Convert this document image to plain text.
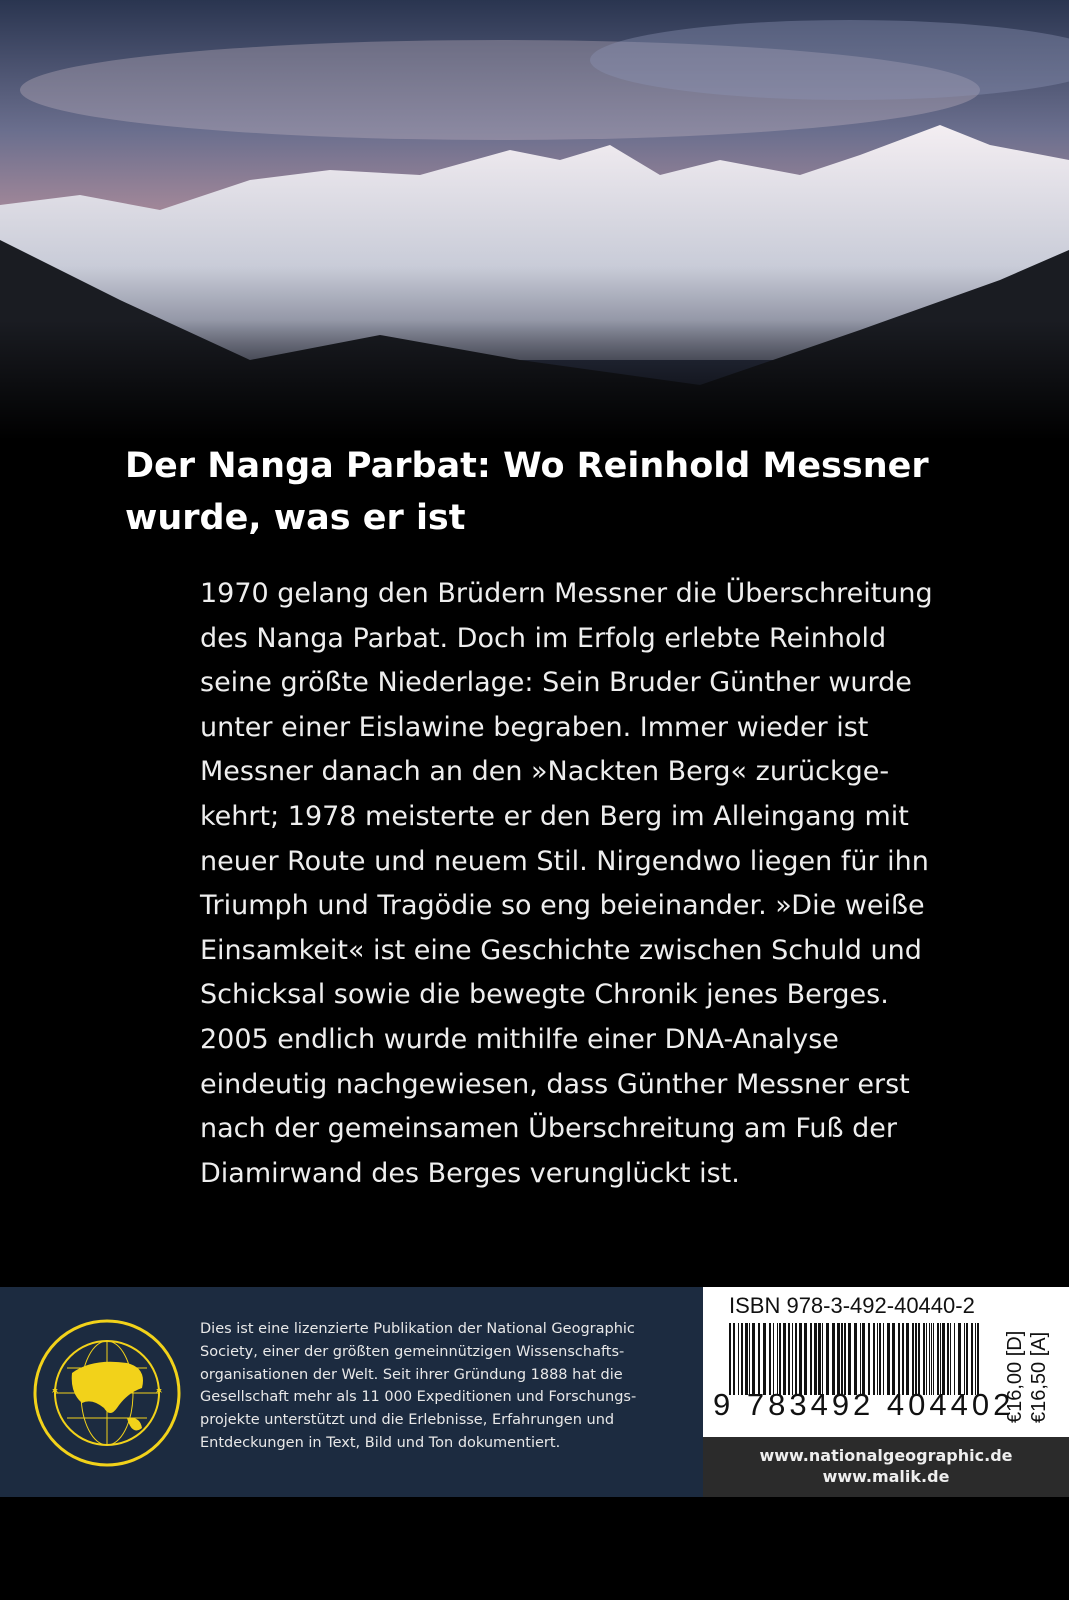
Der Nanga Parbat: Wo Reinhold Messner
wurde, was er ist
1970 gelang den Brüdern Messner die Überschreitung
des Nanga Parbat. Doch im Erfolg erlebte Reinhold
seine größte Niederlage: Sein Bruder Günther wurde
unter einer Eislawine begraben. Immer wieder ist
Messner danach an den »Nackten Berg« zurückge-
kehrt; 1978 meisterte er den Berg im Alleingang mit
neuer Route und neuem Stil. Nirgendwo liegen für ihn
Triumph und Tragödie so eng beieinander. »Die weiße
Einsamkeit« ist eine Geschichte zwischen Schuld und
Schicksal sowie die bewegte Chronik jenes Berges.
2005 endlich wurde mithilfe einer DNA-Analyse
eindeutig nachgewiesen, dass Günther Messner erst
nach der gemeinsamen Überschreitung am Fuß der
Diamirwand des Berges verunglückt ist.
Dies ist eine lizenzierte Publikation der National Geographic
Society, einer der größten gemeinnützigen Wissenschafts-
organisationen der Welt. Seit ihrer Gründung 1888 hat die
Gesellschaft mehr als 11 000 Expeditionen und Forschungs-
projekte unterstützt und die Erlebnisse, Erfahrungen und
Entdeckungen in Text, Bild und Ton dokumentiert.
ISBN 978-3-492-40440-2
9 783492 404402
€16,00 [D] €16,50 [A]
www.nationalgeographic.de
www.malik.de
